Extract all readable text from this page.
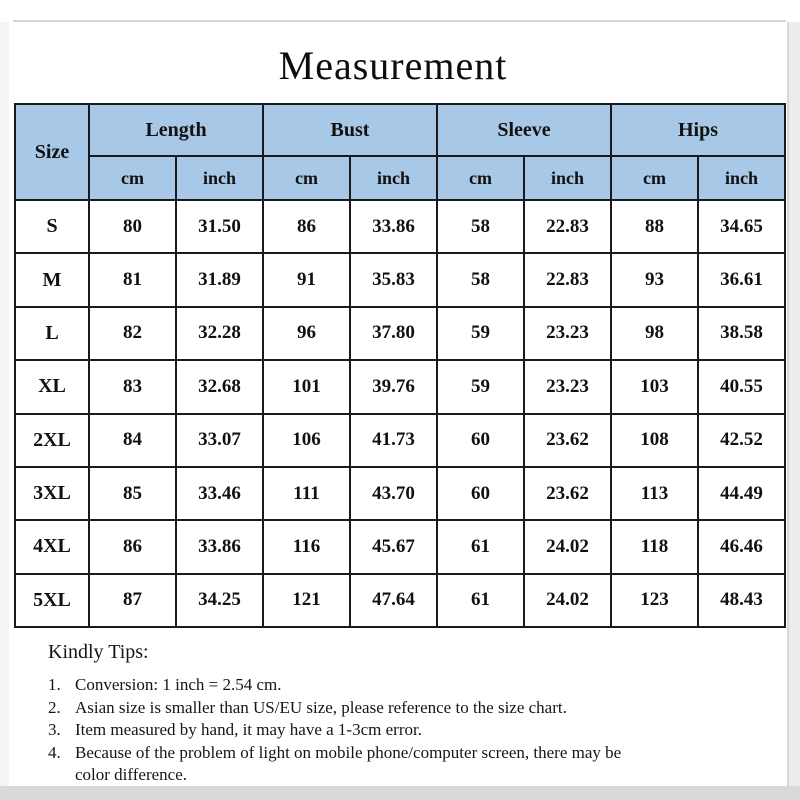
Measurement
Size	Length		Bust		Sleeve		Hips	
	cm	inch	cm	inch	cm	inch	cm	inch
S	80	31.50	86	33.86	58	22.83	88	34.65
M	81	31.89	91	35.83	58	22.83	93	36.61
L	82	32.28	96	37.80	59	23.23	98	38.58
XL	83	32.68	101	39.76	59	23.23	103	40.55
2XL	84	33.07	106	41.73	60	23.62	108	42.52
3XL	85	33.46	111	43.70	60	23.62	113	44.49
4XL	86	33.86	116	45.67	61	24.02	118	46.46
5XL	87	34.25	121	47.64	61	24.02	123	48.43
Kindly Tips:
1. Conversion: 1 inch = 2.54 cm.
2. Asian size is smaller than US/EU size, please reference to the size chart.
3. Item measured by hand, it may have a 1-3cm error.
4. Because of the problem of light on mobile phone/computer screen, there may be color difference.
